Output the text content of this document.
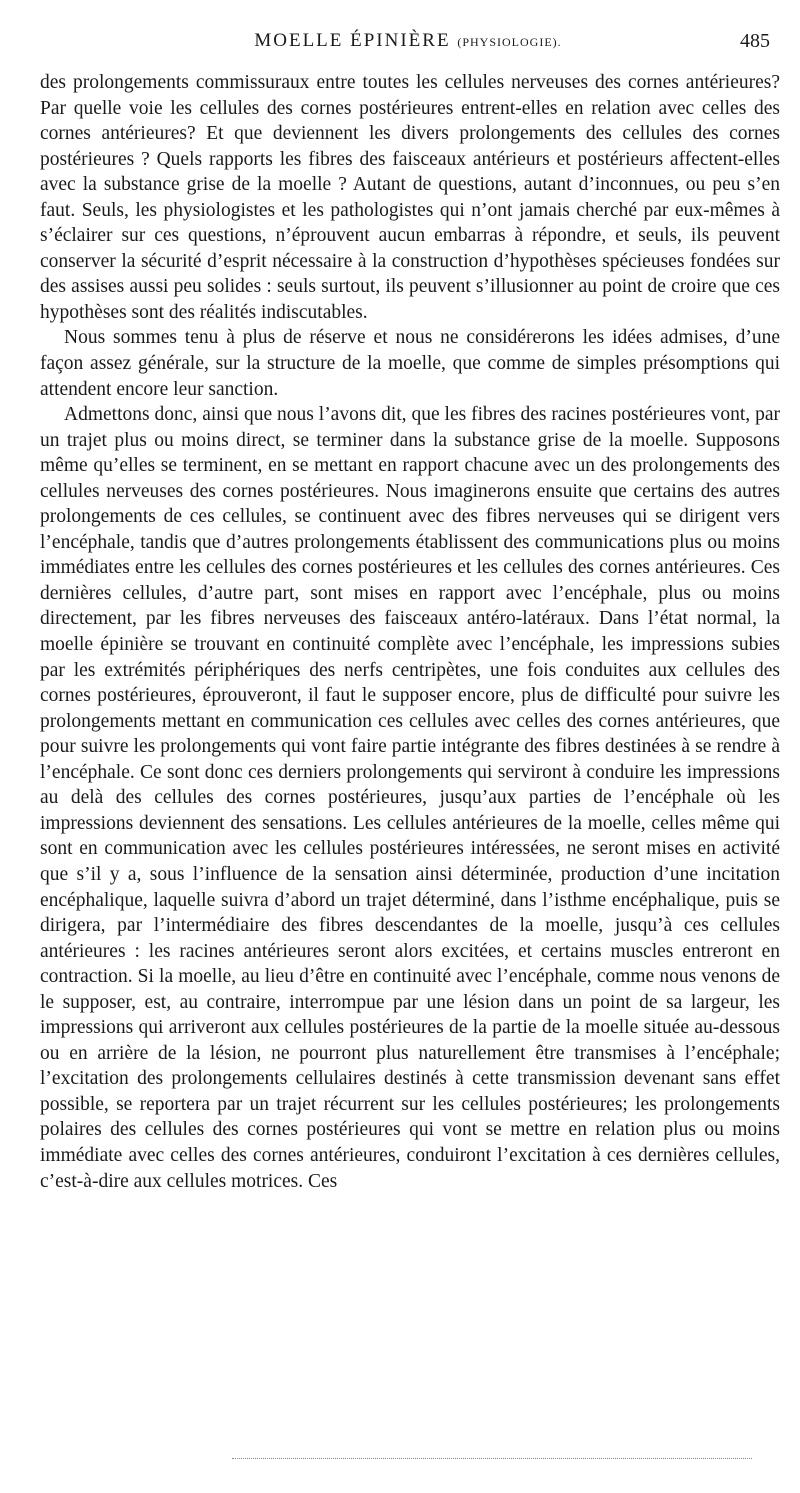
MOELLE ÉPINIÈRE (PHYSIOLOGIE).	485

des prolongements commissuraux entre toutes les cellules nerveuses des cornes antérieures? Par quelle voie les cellules des cornes postérieures entrent-elles en relation avec celles des cornes antérieures? Et que deviennent les divers prolongements des cellules des cornes postérieures ? Quels rapports les fibres des faisceaux antérieurs et postérieurs affectent-elles avec la substance grise de la moelle ? Autant de questions, autant d’inconnues, ou peu s’en faut. Seuls, les physiologistes et les pathologistes qui n’ont jamais cherché par eux-mêmes à s’éclairer sur ces questions, n’éprouvent aucun embarras à répondre, et seuls, ils peuvent conserver la sécurité d’esprit nécessaire à la construction d’hypothèses spécieuses fondées sur des assises aussi peu solides : seuls surtout, ils peuvent s’illusionner au point de croire que ces hypothèses sont des réalités indiscutables.

Nous sommes tenu à plus de réserve et nous ne considérerons les idées admises, d’une façon assez générale, sur la structure de la moelle, que comme de simples présomptions qui attendent encore leur sanction.

Admettons donc, ainsi que nous l’avons dit, que les fibres des racines postérieures vont, par un trajet plus ou moins direct, se terminer dans la substance grise de la moelle. Supposons même qu’elles se terminent, en se mettant en rapport chacune avec un des prolongements des cellules nerveuses des cornes postérieures. Nous imaginerons ensuite que certains des autres prolongements de ces cellules, se continuent avec des fibres nerveuses qui se dirigent vers l’encéphale, tandis que d’autres prolongements établissent des communications plus ou moins immédiates entre les cellules des cornes postérieures et les cellules des cornes antérieures. Ces dernières cellules, d’autre part, sont mises en rapport avec l’encéphale, plus ou moins directement, par les fibres nerveuses des faisceaux antéro-latéraux. Dans l’état normal, la moelle épinière se trouvant en continuité complète avec l’encéphale, les impressions subies par les extrémités périphériques des nerfs centripètes, une fois conduites aux cellules des cornes postérieures, éprouveront, il faut le supposer encore, plus de difficulté pour suivre les prolongements mettant en communication ces cellules avec celles des cornes antérieures, que pour suivre les prolongements qui vont faire partie intégrante des fibres destinées à se rendre à l’encéphale. Ce sont donc ces derniers prolongements qui serviront à conduire les impressions au delà des cellules des cornes postérieures, jusqu’aux parties de l’encéphale où les impressions deviennent des sensations. Les cellules antérieures de la moelle, celles même qui sont en communication avec les cellules postérieures intéressées, ne seront mises en activité que s’il y a, sous l’influence de la sensation ainsi déterminée, production d’une incitation encéphalique, laquelle suivra d’abord un trajet déterminé, dans l’isthme encéphalique, puis se dirigera, par l’intermédiaire des fibres descendantes de la moelle, jusqu’à ces cellules antérieures : les racines antérieures seront alors excitées, et certains muscles entreront en contraction. Si la moelle, au lieu d’être en continuité avec l’encéphale, comme nous venons de le supposer, est, au contraire, interrompue par une lésion dans un point de sa largeur, les impressions qui arriveront aux cellules postérieures de la partie de la moelle située au-dessous ou en arrière de la lésion, ne pourront plus naturellement être transmises à l’encéphale; l’excitation des prolongements cellulaires destinés à cette transmission devenant sans effet possible, se reportera par un trajet récurrent sur les cellules postérieures; les prolongements polaires des cellules des cornes postérieures qui vont se mettre en relation plus ou moins immédiate avec celles des cornes antérieures, conduiront l’excitation à ces dernières cellules, c’est-à-dire aux cellules motrices. Ces
